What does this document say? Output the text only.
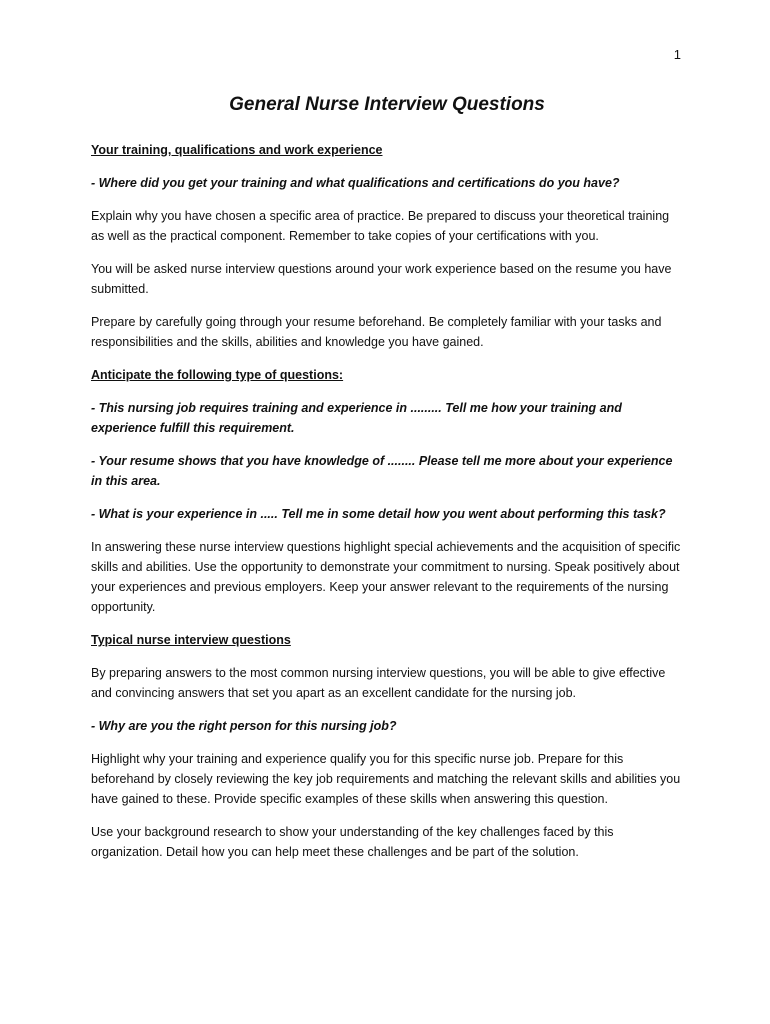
1
General Nurse Interview Questions

Your training, qualifications and work experience

- Where did you get your training and what qualifications and certifications do you have?

Explain why you have chosen a specific area of practice. Be prepared to discuss your theoretical training as well as the practical component. Remember to take copies of your certifications with you.

You will be asked nurse interview questions around your work experience based on the resume you have submitted.

Prepare by carefully going through your resume beforehand. Be completely familiar with your tasks and responsibilities and the skills, abilities and knowledge you have gained.

Anticipate the following type of questions:

- This nursing job requires training and experience in ......... Tell me how your training and experience fulfill this requirement.

- Your resume shows that you have knowledge of ........ Please tell me more about your experience in this area.

- What is your experience in ..... Tell me in some detail how you went about performing this task?

In answering these nurse interview questions highlight special achievements and the acquisition of specific skills and abilities. Use the opportunity to demonstrate your commitment to nursing. Speak positively about your experiences and previous employers. Keep your answer relevant to the requirements of the nursing opportunity.

Typical nurse interview questions

By preparing answers to the most common nursing interview questions, you will be able to give effective and convincing answers that set you apart as an excellent candidate for the nursing job.

- Why are you the right person for this nursing job?

Highlight why your training and experience qualify you for this specific nurse job. Prepare for this beforehand by closely reviewing the key job requirements and matching the relevant skills and abilities you have gained to these. Provide specific examples of these skills when answering this question.

Use your background research to show your understanding of the key challenges faced by this organization. Detail how you can help meet these challenges and be part of the solution.
